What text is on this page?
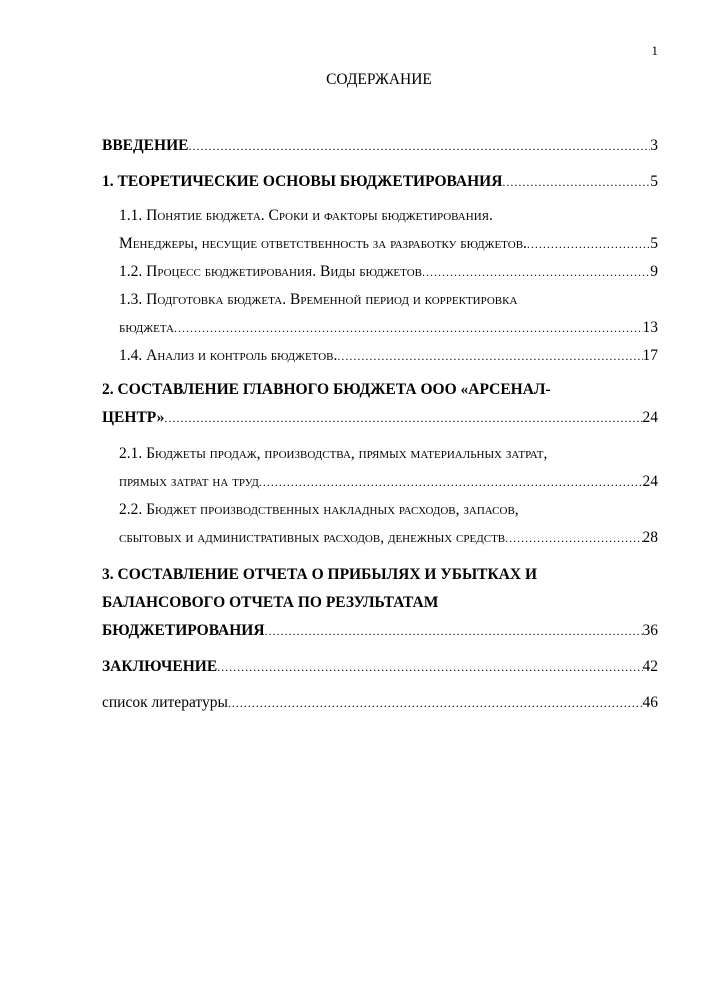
1
СОДЕРЖАНИЕ
ВВЕДЕНИЕ .....	3
1. ТЕОРЕТИЧЕСКИЕ ОСНОВЫ БЮДЖЕТИРОВАНИЯ .....	5
1.1. Понятие бюджета. Сроки и факторы бюджетирования.
Менеджеры, несущие ответственность за разработку бюджетов. .....	5
1.2. Процесс бюджетирования. Виды бюджетов .....	9
1.3. Подготовка бюджета. Временной период и корректировка
бюджета .....	13
1.4. Анализ и контроль бюджетов. .....	17
2. СОСТАВЛЕНИЕ ГЛАВНОГО БЮДЖЕТА ООО «АРСЕНАЛ-
ЦЕНТР» .....	24
2.1. Бюджеты продаж, производства, прямых материальных затрат,
прямых затрат на труд .....	24
2.2. Бюджет производственных накладных расходов, запасов,
сбытовых и административных расходов, денежных средств .....	28
3. СОСТАВЛЕНИЕ ОТЧЕТА О ПРИБЫЛЯХ И УБЫТКАХ И
БАЛАНСОВОГО ОТЧЕТА ПО РЕЗУЛЬТАТАМ
БЮДЖЕТИРОВАНИЯ .....	36
ЗАКЛЮЧЕНИЕ .....	42
список литературы .....	46
